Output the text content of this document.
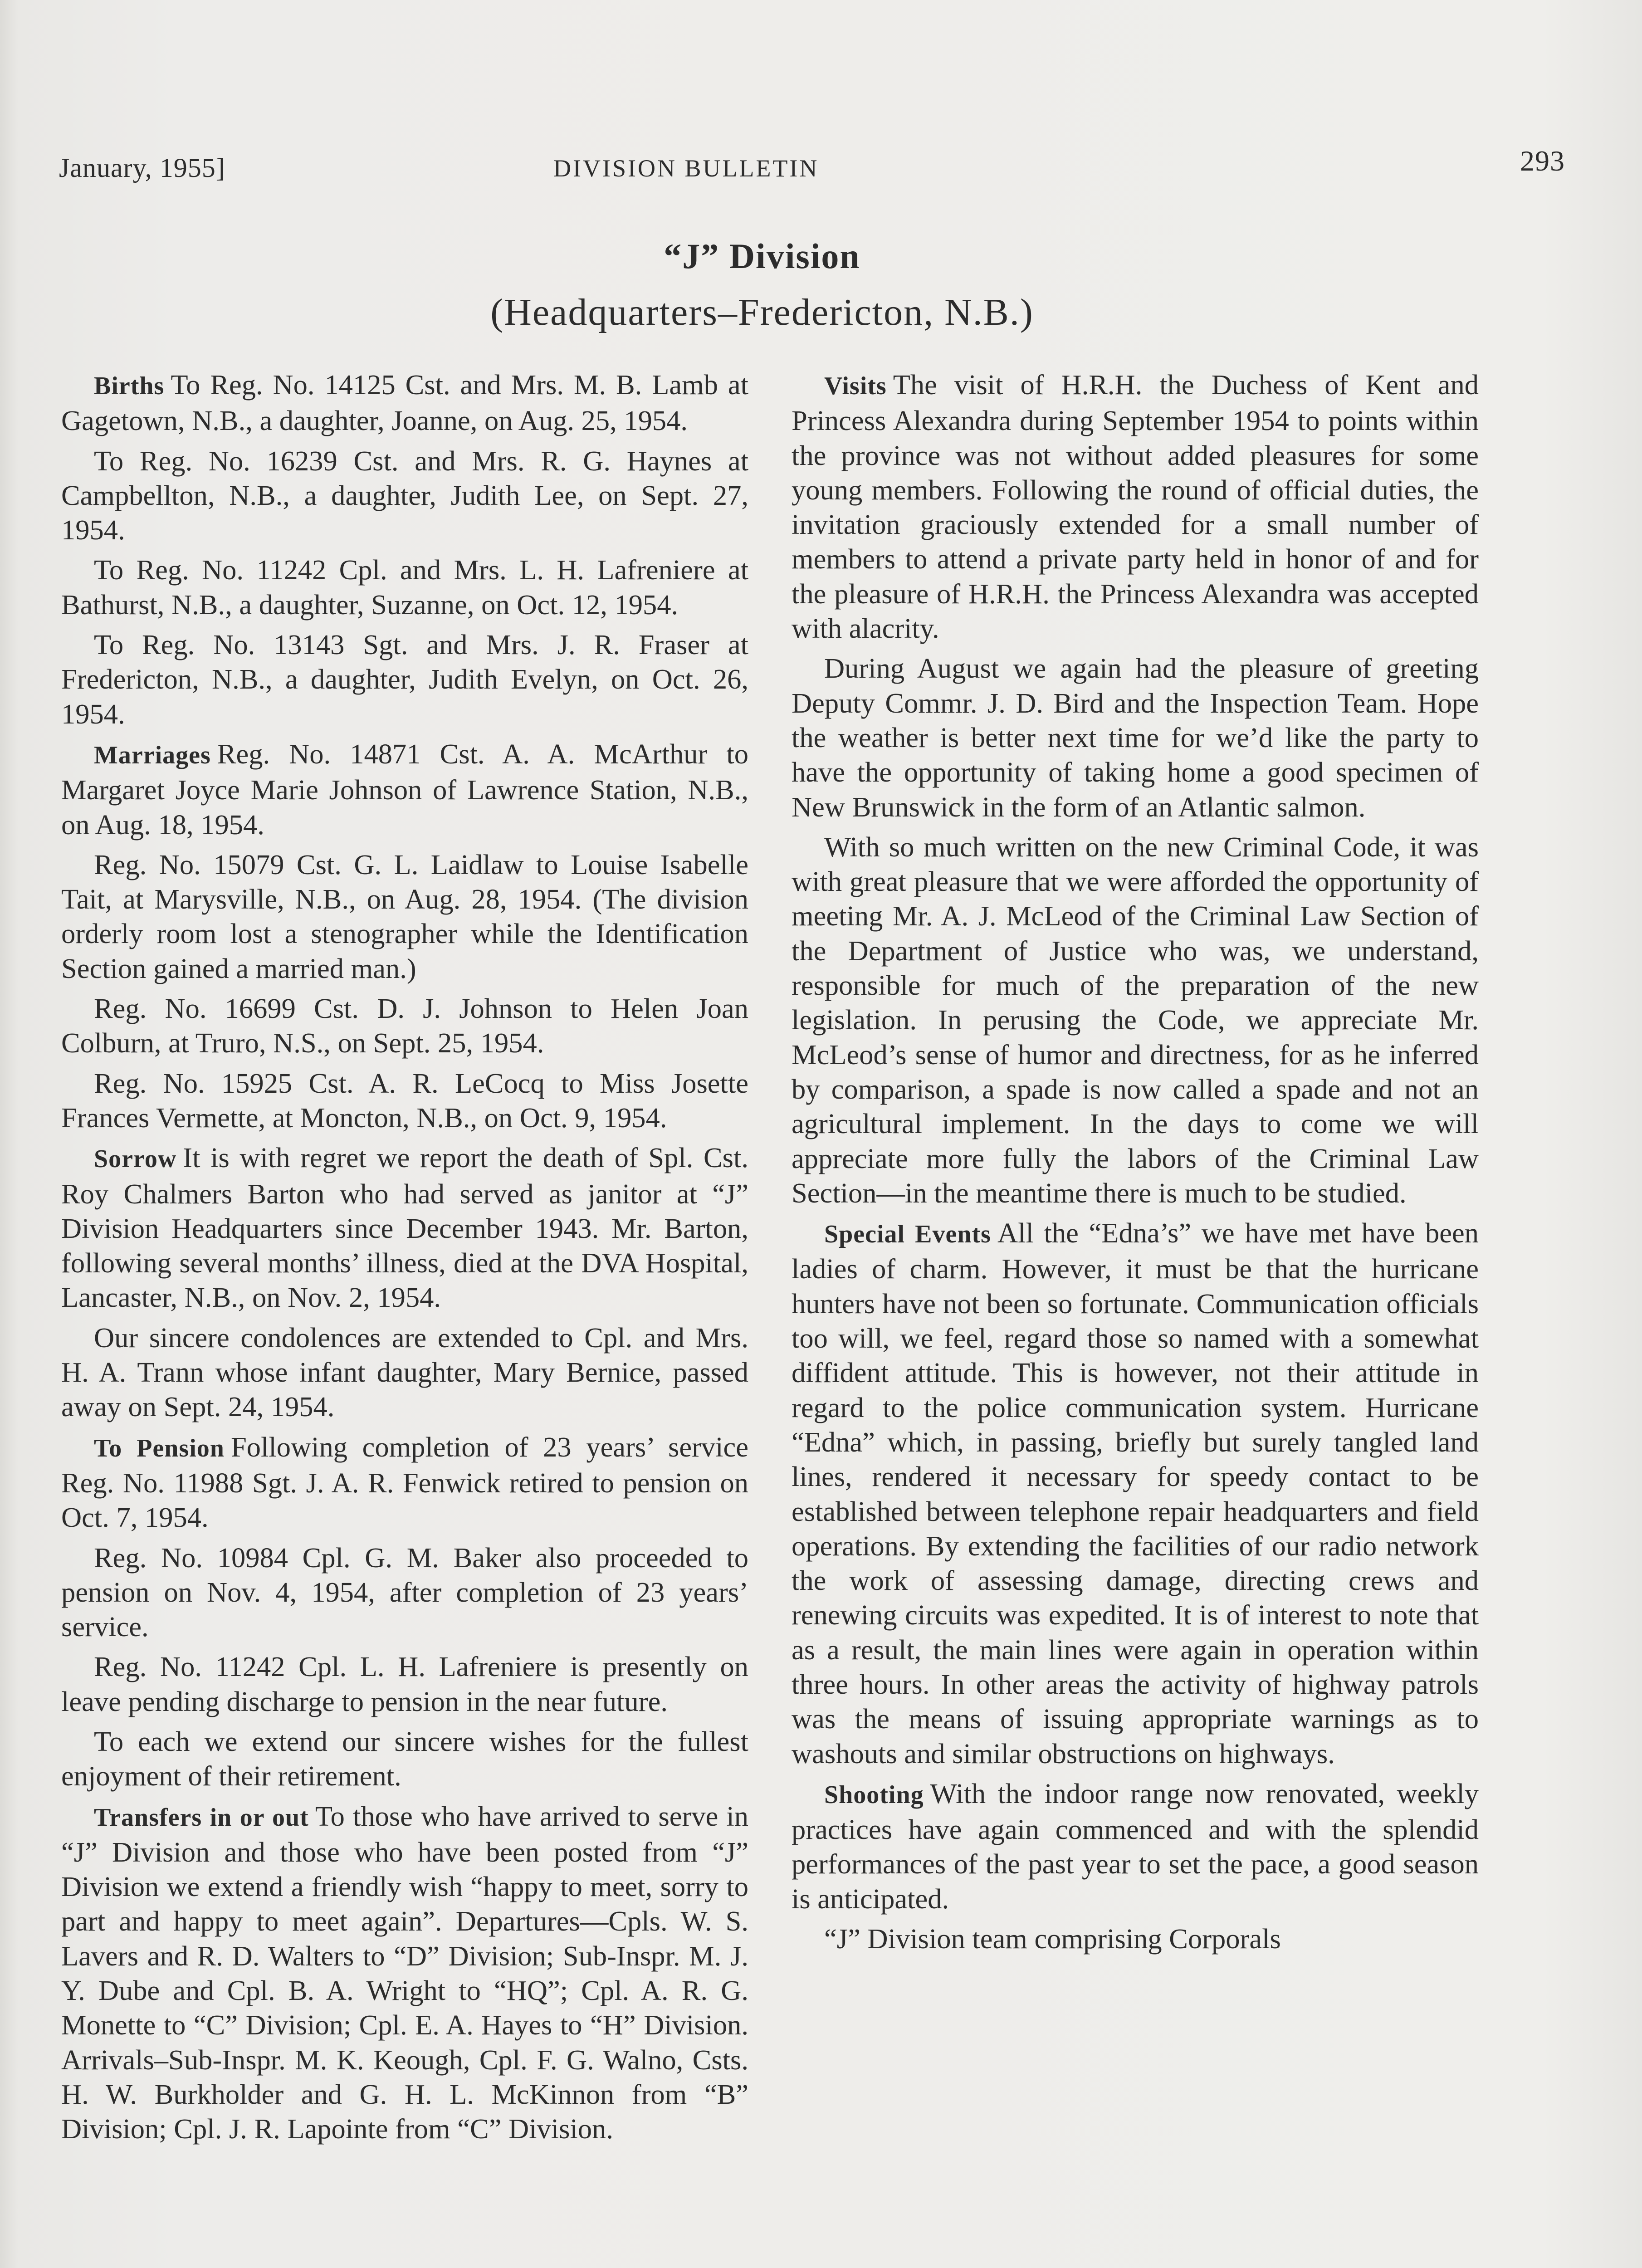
January, 1955]	DIVISION BULLETIN	293
“J” Division
(Headquarters–Fredericton, N.B.)

Births To Reg. No. 14125 Cst. and Mrs. M. B. Lamb at Gagetown, N.B., a daughter, Joanne, on Aug. 25, 1954.

To Reg. No. 16239 Cst. and Mrs. R. G. Haynes at Campbellton, N.B., a daughter, Judith Lee, on Sept. 27, 1954.

To Reg. No. 11242 Cpl. and Mrs. L. H. Lafreniere at Bathurst, N.B., a daughter, Suzanne, on Oct. 12, 1954.

To Reg. No. 13143 Sgt. and Mrs. J. R. Fraser at Fredericton, N.B., a daughter, Judith Evelyn, on Oct. 26, 1954.

Marriages Reg. No. 14871 Cst. A. A. McArthur to Margaret Joyce Marie Johnson of Lawrence Station, N.B., on Aug. 18, 1954.

Reg. No. 15079 Cst. G. L. Laidlaw to Louise Isabelle Tait, at Marysville, N.B., on Aug. 28, 1954. (The division orderly room lost a stenographer while the Identification Section gained a married man.)

Reg. No. 16699 Cst. D. J. Johnson to Helen Joan Colburn, at Truro, N.S., on Sept. 25, 1954.

Reg. No. 15925 Cst. A. R. LeCocq to Miss Josette Frances Vermette, at Moncton, N.B., on Oct. 9, 1954.

Sorrow It is with regret we report the death of Spl. Cst. Roy Chalmers Barton who had served as janitor at “J” Division Headquarters since December 1943. Mr. Barton, following several months’ illness, died at the DVA Hospital, Lancaster, N.B., on Nov. 2, 1954.

Our sincere condolences are extended to Cpl. and Mrs. H. A. Trann whose infant daughter, Mary Bernice, passed away on Sept. 24, 1954.

To Pension Following completion of 23 years’ service Reg. No. 11988 Sgt. J. A. R. Fenwick retired to pension on Oct. 7, 1954.

Reg. No. 10984 Cpl. G. M. Baker also proceeded to pension on Nov. 4, 1954, after completion of 23 years’ service.

Reg. No. 11242 Cpl. L. H. Lafreniere is presently on leave pending discharge to pension in the near future.

To each we extend our sincere wishes for the fullest enjoyment of their retirement.

Transfers in or out To those who have arrived to serve in “J” Division and those who have been posted from “J” Division we extend a friendly wish “happy to meet, sorry to part and happy to meet again”. Departures—Cpls. W. S. Lavers and R. D. Walters to “D” Division; Sub-Inspr. M. J. Y. Dube and Cpl. B. A. Wright to “HQ”; Cpl. A. R. G. Monette to “C” Division; Cpl. E. A. Hayes to “H” Division. Arrivals–Sub-Inspr. M. K. Keough, Cpl. F. G. Walno, Csts. H. W. Burkholder and G. H. L. McKinnon from “B” Division; Cpl. J. R. Lapointe from “C” Division.

Visits The visit of H.R.H. the Duchess of Kent and Princess Alexandra during September 1954 to points within the province was not without added pleasures for some young members. Following the round of official duties, the invitation graciously extended for a small number of members to attend a private party held in honor of and for the pleasure of H.R.H. the Princess Alexandra was accepted with alacrity.

During August we again had the pleasure of greeting Deputy Commr. J. D. Bird and the Inspection Team. Hope the weather is better next time for we’d like the party to have the opportunity of taking home a good specimen of New Brunswick in the form of an Atlantic salmon.

With so much written on the new Criminal Code, it was with great pleasure that we were afforded the opportunity of meeting Mr. A. J. McLeod of the Criminal Law Section of the Department of Justice who was, we understand, responsible for much of the preparation of the new legislation. In perusing the Code, we appreciate Mr. McLeod’s sense of humor and directness, for as he inferred by comparison, a spade is now called a spade and not an agricultural implement. In the days to come we will appreciate more fully the labors of the Criminal Law Section—in the meantime there is much to be studied.

Special Events All the “Edna’s” we have met have been ladies of charm. However, it must be that the hurricane hunters have not been so fortunate. Communication officials too will, we feel, regard those so named with a somewhat diffident attitude. This is however, not their attitude in regard to the police communication system. Hurricane “Edna” which, in passing, briefly but surely tangled land lines, rendered it necessary for speedy contact to be established between telephone repair headquarters and field operations. By extending the facilities of our radio network the work of assessing damage, directing crews and renewing circuits was expedited. It is of interest to note that as a result, the main lines were again in operation within three hours. In other areas the activity of highway patrols was the means of issuing appropriate warnings as to washouts and similar obstructions on highways.

Shooting With the indoor range now renovated, weekly practices have again commenced and with the splendid performances of the past year to set the pace, a good season is anticipated.

“J” Division team comprising Corporals
